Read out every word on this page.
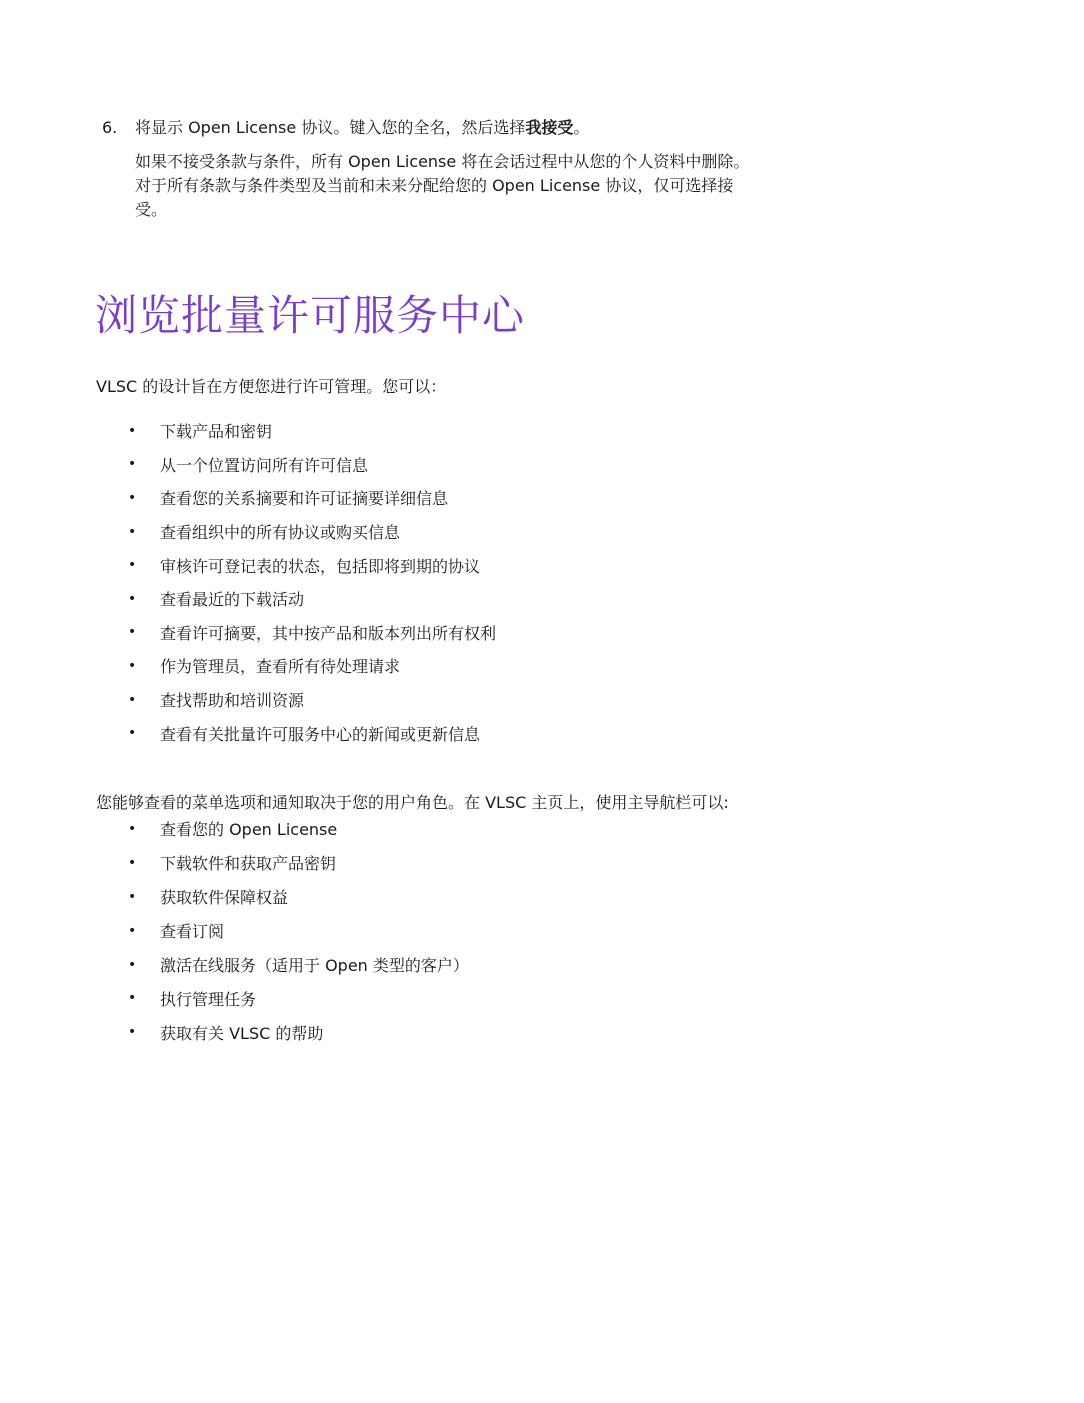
6.	将显示 Open License 协议。键入您的全名，然后选择我接受。
如果不接受条款与条件，所有 Open License 将在会话过程中从您的个人资料中删除。
对于所有条款与条件类型及当前和未来分配给您的 Open License 协议，仅可选择接
受。
浏览批量许可服务中心

VLSC 的设计旨在方便您进行许可管理。您可以：

•	下载产品和密钥
•	从一个位置访问所有许可信息
•	查看您的关系摘要和许可证摘要详细信息
•	查看组织中的所有协议或购买信息
•	审核许可登记表的状态，包括即将到期的协议
•	查看最近的下载活动
•	查看许可摘要，其中按产品和版本列出所有权利
•	作为管理员，查看所有待处理请求
•	查找帮助和培训资源
•	查看有关批量许可服务中心的新闻或更新信息

您能够查看的菜单选项和通知取决于您的用户角色。在 VLSC 主页上，使用主导航栏可以:

•	查看您的 Open License
•	下载软件和获取产品密钥
•	获取软件保障权益
•	查看订阅
•	激活在线服务（适用于 Open 类型的客户）
•	执行管理任务
•	获取有关 VLSC 的帮助
